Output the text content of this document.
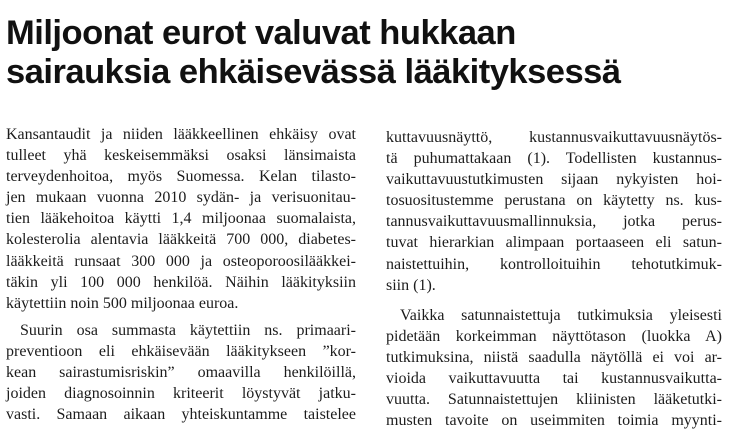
Miljoonat eurot valuvat hukkaan
sairauksia ehkäisevässä lääkityksessä

Kansantaudit ja niiden lääkkeellinen ehkäisy ovat
tulleet yhä keskeisemmäksi osaksi länsimaista
terveydenhoitoa, myös Suomessa. Kelan tilasto-
jen mukaan vuonna 2010 sydän- ja verisuonitau-
tien lääkehoitoa käytti 1,4 miljoonaa suomalaista,
kolesterolia alentavia lääkkeitä 700 000, diabetes-
lääkkeitä runsaat 300 000 ja osteoporoosilääkkei-
täkin yli 100 000 henkilöä. Näihin lääkityksiin
käytettiin noin 500 miljoonaa euroa.

Suurin osa summasta käytettiin ns. primaari-
preventioon eli ehkäisevään lääkitykseen ”kor-
kean sairastumisriskin” omaavilla henkilöillä,
joiden diagnosoinnin kriteerit löystyvät jatku-
vasti. Samaan aikaan yhteiskuntamme taistelee

kuttavuusnäyttö, kustannusvaikuttavuusnäytös-
tä puhumattakaan (1). Todellisten kustannus-
vaikuttavuustutkimusten sijaan nykyisten hoi-
tosuositustemme perustana on käytetty ns. kus-
tannusvaikuttavuusmallinnuksia, jotka perus-
tuvat hierarkian alimpaan portaaseen eli satun-
naistettuihin, kontrolloituihin tehotutkimuk-
siin (1).

Vaikka satunnaistettuja tutkimuksia yleisesti
pidetään korkeimman näyttötason (luokka A)
tutkimuksina, niistä saadulla näytöllä ei voi ar-
vioida vaikuttavuutta tai kustannusvaikutta-
vuutta. Satunnaistettujen kliinisten lääketutki-
musten tavoite on useimmiten toimia myynti-
